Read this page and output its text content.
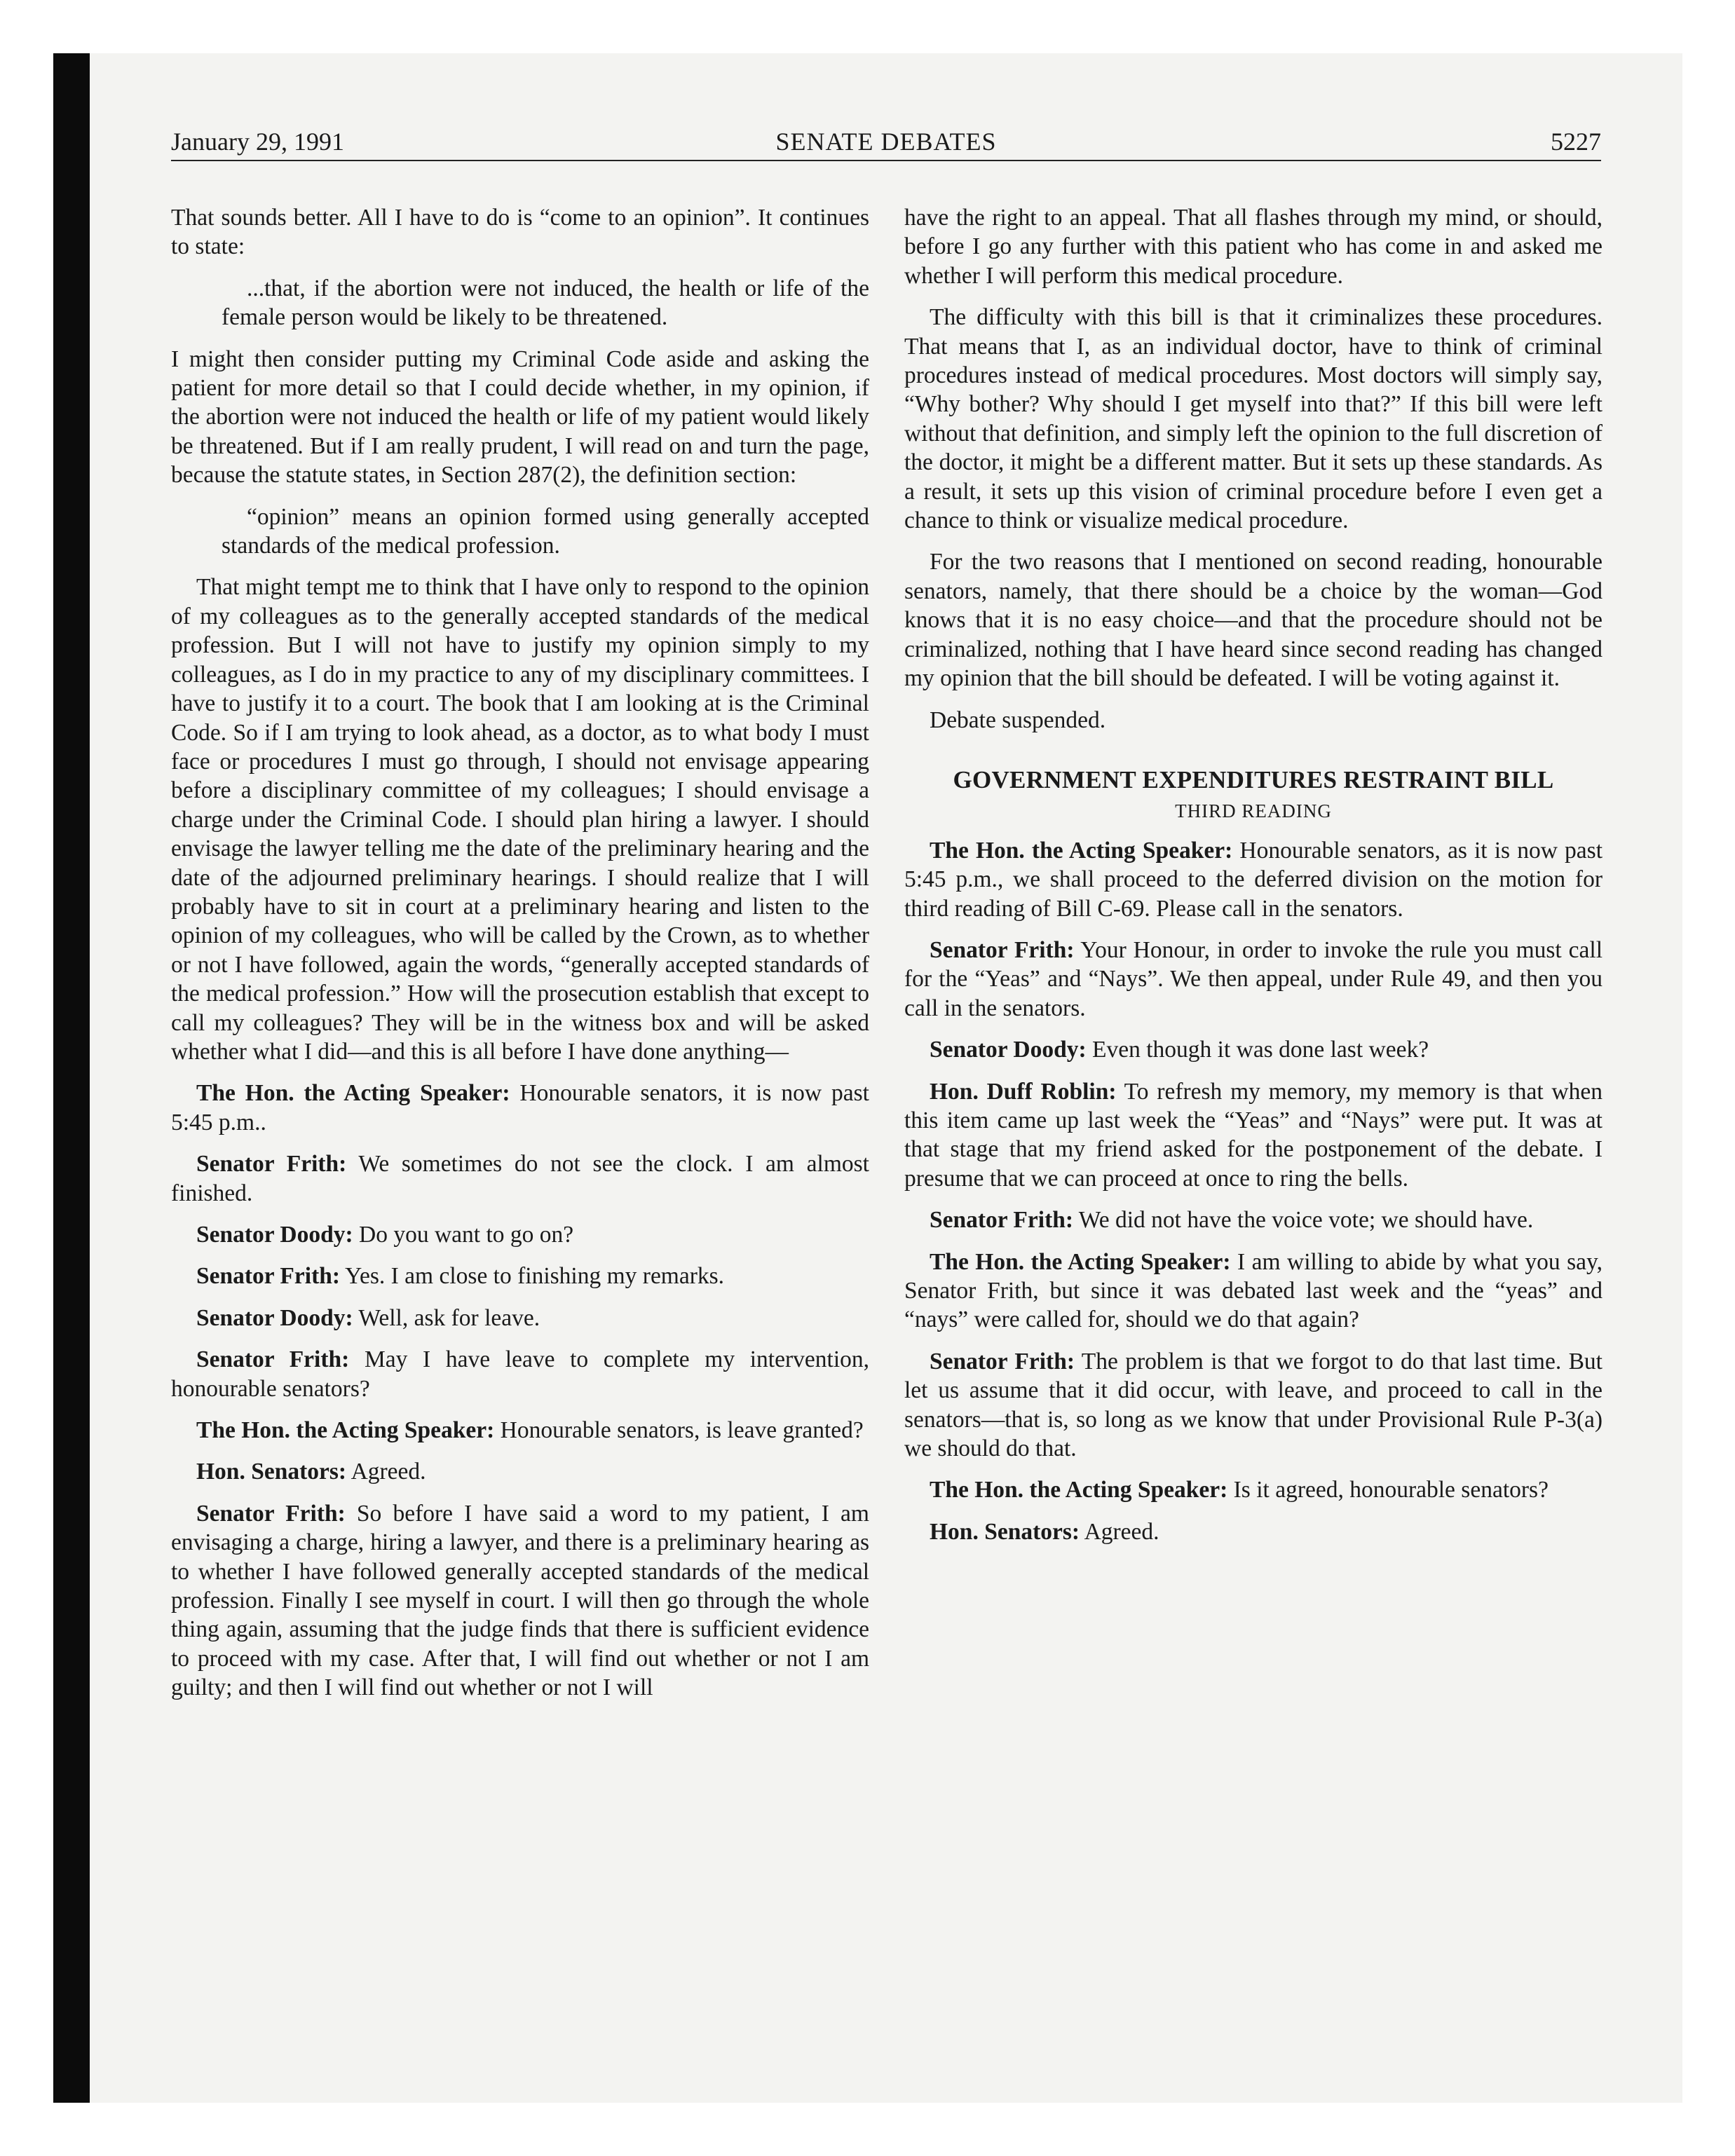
January 29, 1991	SENATE DEBATES	5227

That sounds better. All I have to do is “come to an opinion”. It continues to state:

...that, if the abortion were not induced, the health or life of the female person would be likely to be threatened.

I might then consider putting my Criminal Code aside and asking the patient for more detail so that I could decide whether, in my opinion, if the abortion were not induced the health or life of my patient would likely be threatened. But if I am really prudent, I will read on and turn the page, because the statute states, in Section 287(2), the definition section:

“opinion” means an opinion formed using generally accepted standards of the medical profession.

That might tempt me to think that I have only to respond to the opinion of my colleagues as to the generally accepted standards of the medical profession. But I will not have to justify my opinion simply to my colleagues, as I do in my practice to any of my disciplinary committees. I have to justify it to a court. The book that I am looking at is the Criminal Code. So if I am trying to look ahead, as a doctor, as to what body I must face or procedures I must go through, I should not envisage appearing before a disciplinary committee of my colleagues; I should envisage a charge under the Criminal Code. I should plan hiring a lawyer. I should envisage the lawyer telling me the date of the preliminary hearing and the date of the adjourned preliminary hearings. I should realize that I will probably have to sit in court at a preliminary hearing and listen to the opinion of my colleagues, who will be called by the Crown, as to whether or not I have followed, again the words, “generally accepted standards of the medical profession.” How will the prosecution establish that except to call my colleagues? They will be in the witness box and will be asked whether what I did—and this is all before I have done anything—

The Hon. the Acting Speaker: Honourable senators, it is now past 5:45 p.m..

Senator Frith: We sometimes do not see the clock. I am almost finished.

Senator Doody: Do you want to go on?

Senator Frith: Yes. I am close to finishing my remarks.

Senator Doody: Well, ask for leave.

Senator Frith: May I have leave to complete my intervention, honourable senators?

The Hon. the Acting Speaker: Honourable senators, is leave granted?

Hon. Senators: Agreed.

Senator Frith: So before I have said a word to my patient, I am envisaging a charge, hiring a lawyer, and there is a preliminary hearing as to whether I have followed generally accepted standards of the medical profession. Finally I see myself in court. I will then go through the whole thing again, assuming that the judge finds that there is sufficient evidence to proceed with my case. After that, I will find out whether or not I am guilty; and then I will find out whether or not I will

have the right to an appeal. That all flashes through my mind, or should, before I go any further with this patient who has come in and asked me whether I will perform this medical procedure.

The difficulty with this bill is that it criminalizes these procedures. That means that I, as an individual doctor, have to think of criminal procedures instead of medical procedures. Most doctors will simply say, “Why bother? Why should I get myself into that?” If this bill were left without that definition, and simply left the opinion to the full discretion of the doctor, it might be a different matter. But it sets up these standards. As a result, it sets up this vision of criminal procedure before I even get a chance to think or visualize medical procedure.

For the two reasons that I mentioned on second reading, honourable senators, namely, that there should be a choice by the woman—God knows that it is no easy choice—and that the procedure should not be criminalized, nothing that I have heard since second reading has changed my opinion that the bill should be defeated. I will be voting against it.

Debate suspended.

GOVERNMENT EXPENDITURES RESTRAINT BILL
THIRD READING

The Hon. the Acting Speaker: Honourable senators, as it is now past 5:45 p.m., we shall proceed to the deferred division on the motion for third reading of Bill C-69. Please call in the senators.

Senator Frith: Your Honour, in order to invoke the rule you must call for the “Yeas” and “Nays”. We then appeal, under Rule 49, and then you call in the senators.

Senator Doody: Even though it was done last week?

Hon. Duff Roblin: To refresh my memory, my memory is that when this item came up last week the “Yeas” and “Nays” were put. It was at that stage that my friend asked for the postponement of the debate. I presume that we can proceed at once to ring the bells.

Senator Frith: We did not have the voice vote; we should have.

The Hon. the Acting Speaker: I am willing to abide by what you say, Senator Frith, but since it was debated last week and the “yeas” and “nays” were called for, should we do that again?

Senator Frith: The problem is that we forgot to do that last time. But let us assume that it did occur, with leave, and proceed to call in the senators—that is, so long as we know that under Provisional Rule P-3(a) we should do that.

The Hon. the Acting Speaker: Is it agreed, honourable senators?

Hon. Senators: Agreed.
